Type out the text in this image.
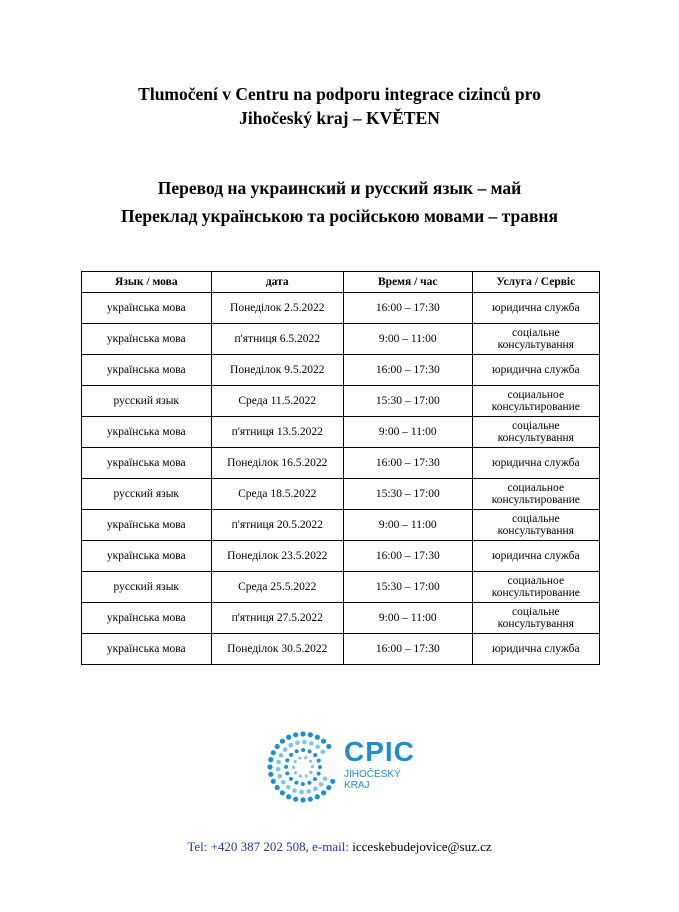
Tlumočení v Centru na podporu integrace cizinců pro
Jihočeský kraj – KVĚTEN
Перевод на украинский и русский язык – май
Переклад українською та російською мовами – травня
Язык / мова	дата	Время / час	Услуга / Сервіс
українська мова	Понеділок 2.5.2022	16:00 – 17:30	юридична служба
українська мова	п'ятниця 6.5.2022	9:00 – 11:00	соціальне консультування
українська мова	Понеділок 9.5.2022	16:00 – 17:30	юридична служба
русский язык	Среда 11.5.2022	15:30 – 17:00	социальное консультирование
українська мова	п'ятниця 13.5.2022	9:00 – 11:00	соціальне консультування
українська мова	Понеділок 16.5.2022	16:00 – 17:30	юридична служба
русский язык	Среда 18.5.2022	15:30 – 17:00	социальное консультирование
українська мова	п'ятниця 20.5.2022	9:00 – 11:00	соціальне консультування
українська мова	Понеділок 23.5.2022	16:00 – 17:30	юридична служба
русский язык	Среда 25.5.2022	15:30 – 17:00	социальное консультирование
українська мова	п'ятниця 27.5.2022	9:00 – 11:00	соціальне консультування
українська мова	Понеділок 30.5.2022	16:00 – 17:30	юридична служба
CPIC
JIHOČESKÝ
KRAJ
Tel: +420 387 202 508, e-mail: icceskebudejovice@suz.cz
